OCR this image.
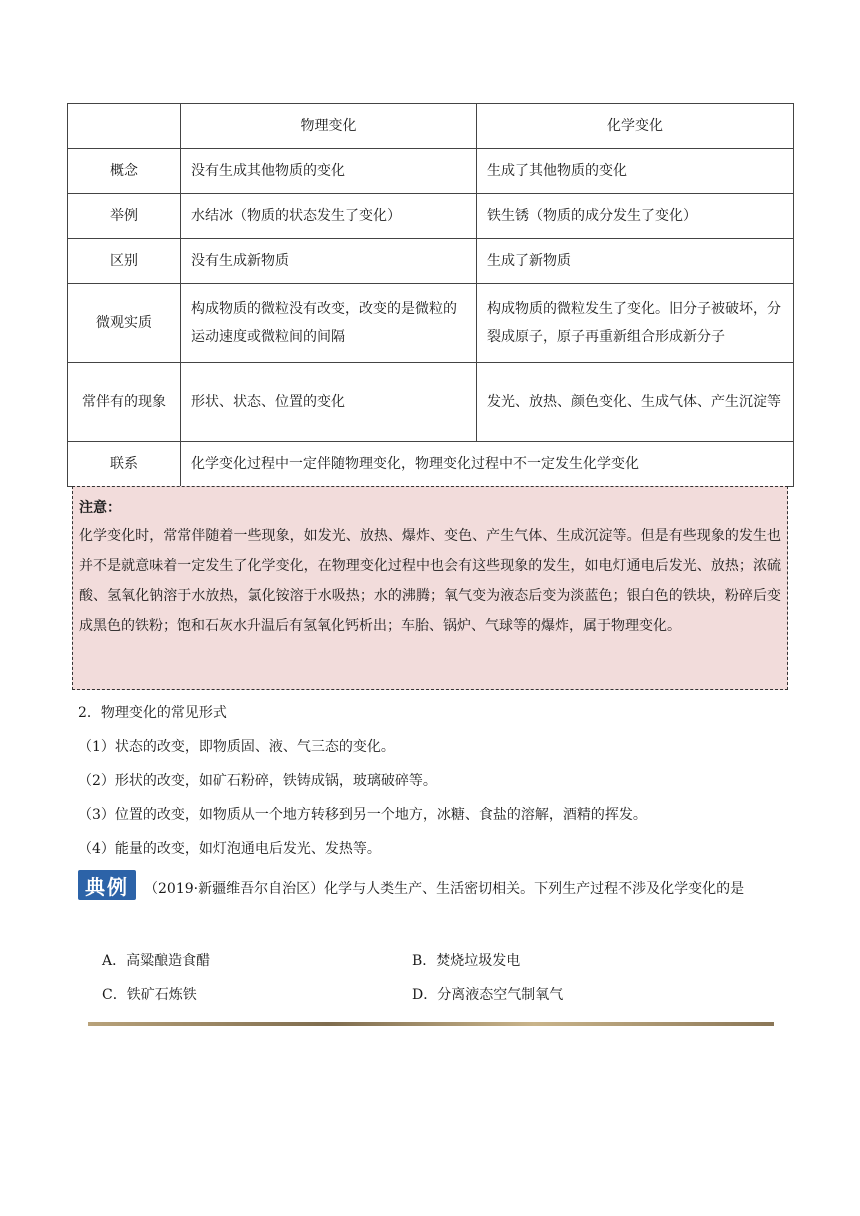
	物理变化	化学变化
概念	没有生成其他物质的变化	生成了其他物质的变化
举例	水结冰（物质的状态发生了变化）	铁生锈（物质的成分发生了变化）
区别	没有生成新物质	生成了新物质
微观实质	构成物质的微粒没有改变，改变的是微粒的运动速度或微粒间的间隔	构成物质的微粒发生了变化。旧分子被破坏，分裂成原子，原子再重新组合形成新分子
常伴有的现象	形状、状态、位置的变化	发光、放热、颜色变化、生成气体、产生沉淀等
联系	化学变化过程中一定伴随物理变化，物理变化过程中不一定发生化学变化	
注意：
化学变化时，常常伴随着一些现象，如发光、放热、爆炸、变色、产生气体、生成沉淀等。但是有些现象的发生也并不是就意味着一定发生了化学变化，在物理变化过程中也会有这些现象的发生，如电灯通电后发光、放热；浓硫酸、氢氧化钠溶于水放热，氯化铵溶于水吸热；水的沸腾；氧气变为液态后变为淡蓝色；银白色的铁块，粉碎后变成黑色的铁粉；饱和石灰水升温后有氢氧化钙析出；车胎、锅炉、气球等的爆炸，属于物理变化。
2．物理变化的常见形式
（1）状态的改变，即物质固、液、气三态的变化。
（2）形状的改变，如矿石粉碎，铁铸成锅，玻璃破碎等。
（3）位置的改变，如物质从一个地方转移到另一个地方，冰糖、食盐的溶解，酒精的挥发。
（4）能量的改变，如灯泡通电后发光、发热等。
典例	（2019·新疆维吾尔自治区）化学与人类生产、生活密切相关。下列生产过程不涉及化学变化的是
A．高粱酿造食醋	B．焚烧垃圾发电
C．铁矿石炼铁	D．分离液态空气制氧气
